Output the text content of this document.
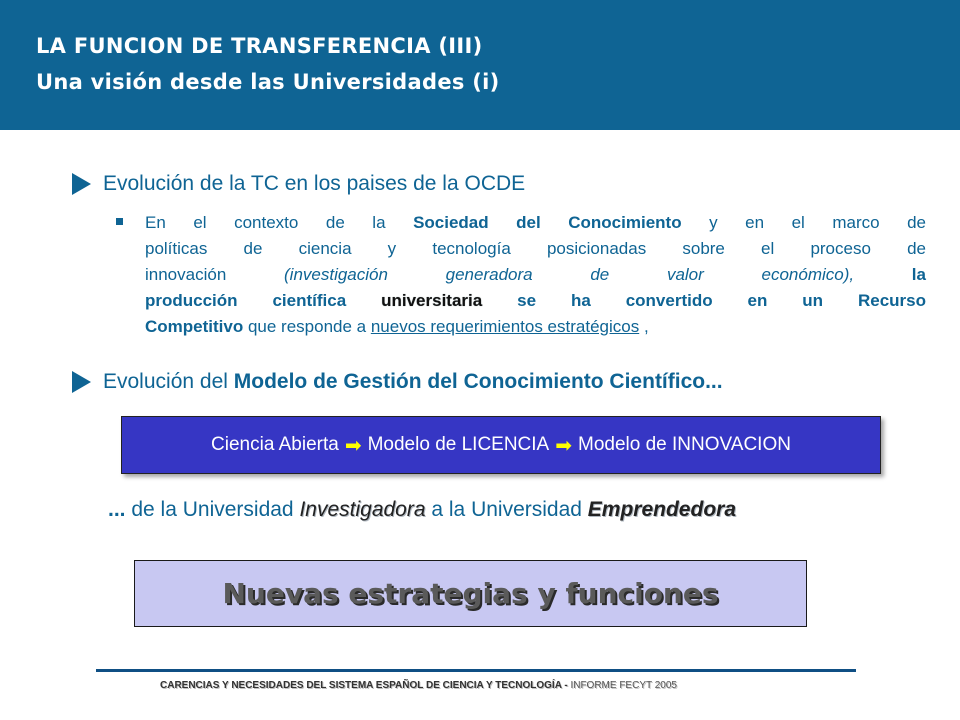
LA FUNCION DE TRANSFERENCIA (III)
Una visión desde las Universidades (i)
Evolución de la TC en los paises de la OCDE
En el contexto de la Sociedad del Conocimiento y en el marco de
políticas de ciencia y tecnología posicionadas sobre el proceso de
innovación (investigación generadora de valor económico), la
producción científica universitaria se ha convertido en un Recurso
Competitivo que responde a nuevos requerimientos estratégicos ,
Evolución del Modelo de Gestión del Conocimiento Científico...
Ciencia Abierta ➡ Modelo de LICENCIA ➡ Modelo de INNOVACION
... de la Universidad Investigadora a la Universidad Emprendedora
Nuevas estrategias y funciones
CARENCIAS Y NECESIDADES DEL SISTEMA ESPAÑOL DE CIENCIA Y TECNOLOGÍA - INFORME FECYT 2005
